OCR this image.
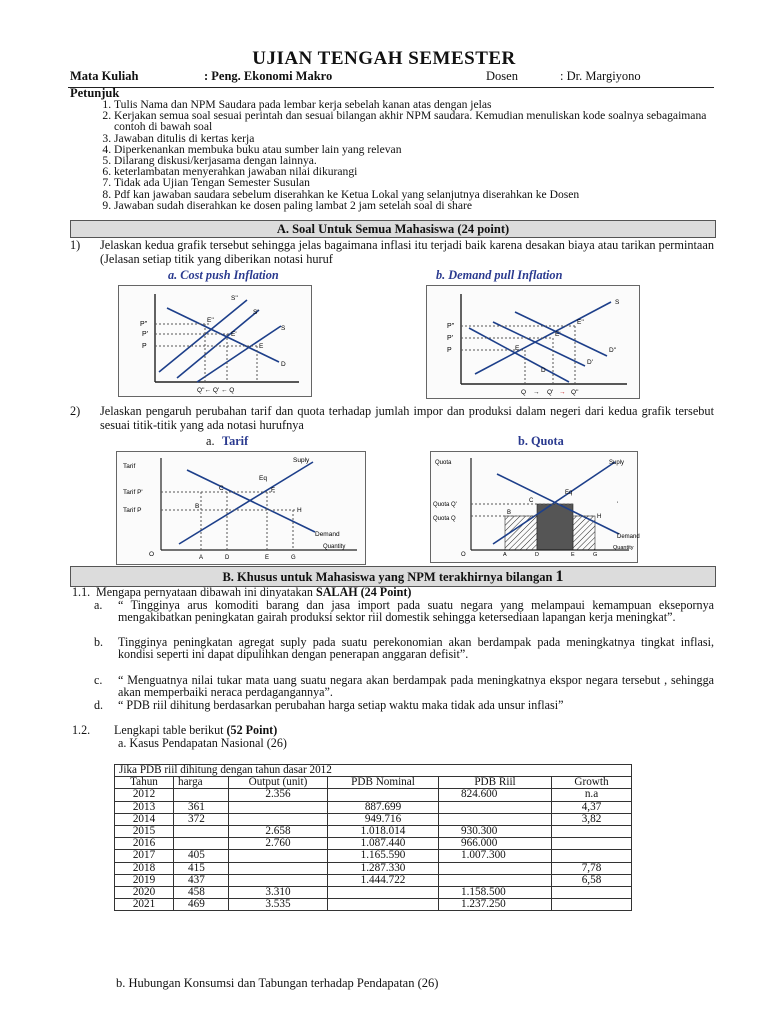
UJIAN TENGAH SEMESTER
Mata Kuliah	: Peng. Ekonomi Makro	Dosen	: Dr. Margiyono
Petunjuk
1. Tulis Nama dan NPM Saudara pada lembar kerja sebelah kanan atas dengan jelas
2. Kerjakan semua soal sesuai perintah dan sesuai bilangan akhir NPM saudara. Kemudian menuliskan kode soalnya sebagaimana contoh di bawah soal
3. Jawaban ditulis di kertas kerja
4. Diperkenankan membuka buku atau sumber lain yang relevan
5. Dilarang diskusi/kerjasama dengan lainnya.
6. keterlambatan menyerahkan jawaban nilai dikurangi
7. Tidak ada Ujian Tengan Semester Susulan
8. Pdf kan jawaban saudara sebelum diserahkan ke Ketua Lokal yang selanjutnya diserahkan ke Dosen
9. Jawaban sudah diserahkan ke dosen paling lambat 2 jam setelah soal di share
A. Soal Untuk Semua Mahasiswa (24 point)
1) Jelaskan kedua grafik tersebut sehingga jelas bagaimana inflasi itu terjadi baik karena desakan biaya atau tarikan permintaan (Jelasan setiap titik yang diberikan notasi huruf
a. Cost push Inflation	b. Demand pull Inflation
P''
P'
P
S''
S'
S
E''
E'
E
D
Q''← Q' ← Q
P''
P'
P
S
E''
E'
E	D''
D'
D
Q → Q' → Q''
2) Jelaskan pengaruh perubahan tarif dan quota terhadap jumlah impor dan produksi dalam negeri dari kedua grafik tersebut sesuai titik-titik yang ada notasi hurufnya
a. Tarif	b. Quota
Tarif
Suply
Tarif P'
Tarif P
C
Eq
F
B
H
Demand
Quantity
O	A	D	E	G
Quota	Suply
Quota Q'
Quota Q
C
Eq
B
H
'
Demand
Quantity
O	A	D	E	G
B. Khusus untuk Mahasiswa yang NPM terakhirnya bilangan 1
1.1. Mengapa pernyataan dibawah ini dinyatakan SALAH (24 Point)
a. “ Tingginya arus komoditi barang dan jasa import pada suatu negara yang melampaui kemampuan eksepornya mengakibatkan peningkatan gairah produksi sektor riil domestik sehingga ketersediaan lapangan kerja meningkat”.
b. Tingginya peningkatan agregat suply pada suatu perekonomian akan berdampak pada meningkatnya tingkat inflasi, kondisi seperti ini dapat dipulihkan dengan penerapan anggaran defisit”.
c. “ Menguatnya nilai tukar mata uang suatu negara akan berdampak pada meningkatnya ekspor negara tersebut , sehingga akan memperbaiki neraca perdagangannya”.
d. “ PDB riil dihitung berdasarkan perubahan harga setiap waktu maka tidak ada unsur inflasi”
1.2. Lengkapi table berikut (52 Point)
a. Kasus Pendapatan Nasional (26)
Jika PDB riil dihitung dengan tahun dasar 2012					
Tahun	harga	Output (unit)	PDB Nominal	PDB Riil	Growth
2012		2.356		824.600	n.a
2013	361		887.699		4,37
2014	372		949.716		3,82
2015		2.658	1.018.014	930.300	
2016		2.760	1.087.440	966.000	
2017	405		1.165.590	1.007.300	
2018	415		1.287.330		7,78
2019	437		1.444.722		6,58
2020	458	3.310		1.158.500	
2021	469	3.535		1.237.250	
b. Hubungan Konsumsi dan Tabungan terhadap Pendapatan (26)
